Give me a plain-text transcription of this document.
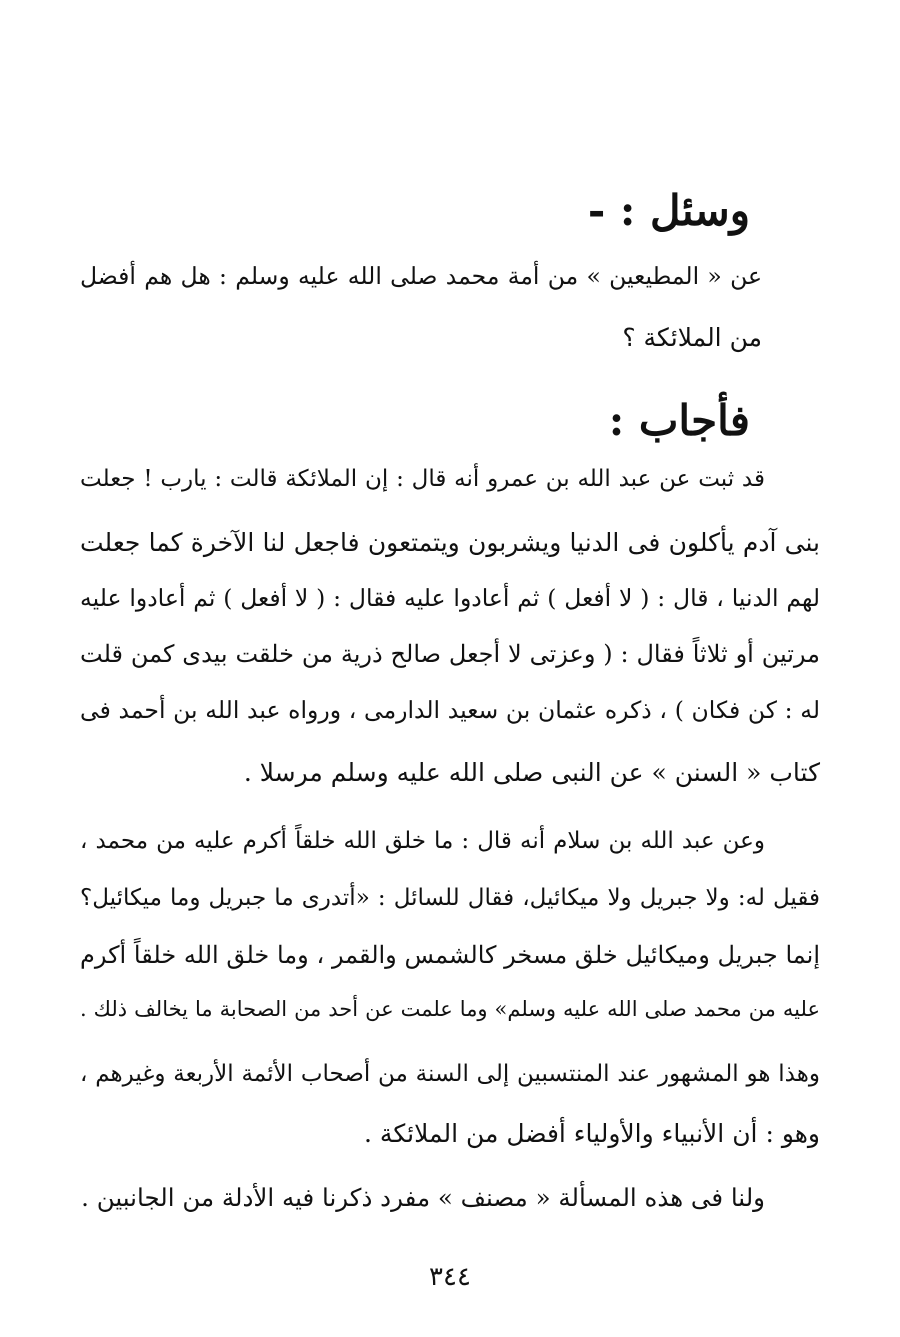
وسئل : -
عن « المطيعين » من أمة محمد صلى الله عليه وسلم : هل هم أفضل
من الملائكة ؟
فأجاب :
قد ثبت عن عبد الله بن عمرو أنه قال : إن الملائكة قالت : يارب ! جعلت
بنى آدم يأكلون فى الدنيا ويشربون ويتمتعون فاجعل لنا الآخرة كما جعلت
لهم الدنيا ، قال : ( لا أفعل ) ثم أعادوا عليه فقال : ( لا أفعل ) ثم أعادوا عليه
مرتين أو ثلاثاً فقال : ( وعزتى لا أجعل صالح ذرية من خلقت بيدى كمن قلت
له : كن فكان ) ، ذكره عثمان بن سعيد الدارمى ، ورواه عبد الله بن أحمد فى
كتاب « السنن » عن النبى صلى الله عليه وسلم مرسلا .
وعن عبد الله بن سلام أنه قال : ما خلق الله خلقاً أكرم عليه من محمد ،
فقيل له: ولا جبريل ولا ميكائيل، فقال للسائل : «أتدرى ما جبريل وما ميكائيل؟
إنما جبريل وميكائيل خلق مسخر كالشمس والقمر ، وما خلق الله خلقاً أكرم
عليه من محمد صلى الله عليه وسلم» وما علمت عن أحد من الصحابة ما يخالف ذلك .
وهذا هو المشهور عند المنتسبين إلى السنة من أصحاب الأئمة الأربعة وغيرهم ،
وهو : أن الأنبياء والأولياء أفضل من الملائكة .
ولنا فى هذه المسألة « مصنف » مفرد ذكرنا فيه الأدلة من الجانبين .
٣٤٤
